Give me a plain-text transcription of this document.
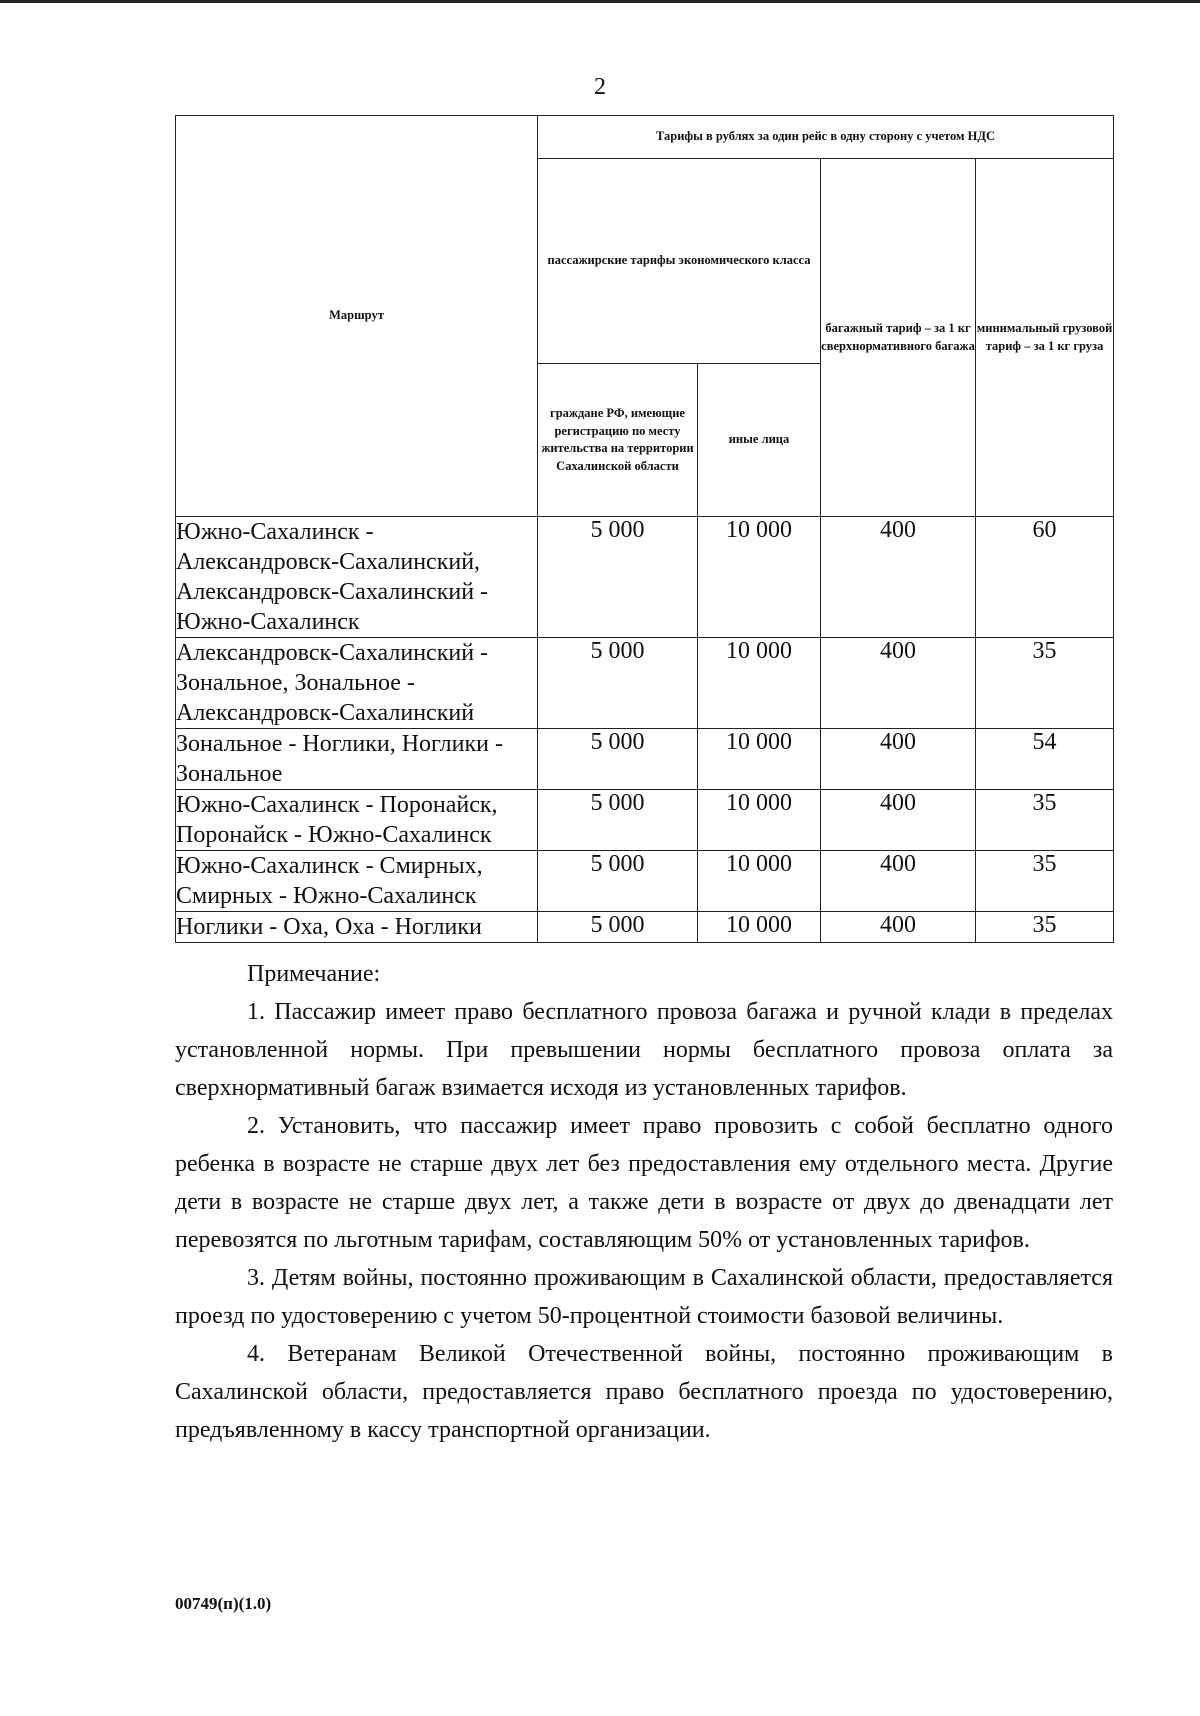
2
Маршрут	Тарифы в рублях за один рейс в одну сторону с учетом НДС			
	пассажирские тарифы экономического класса		багажный тариф – за 1 кг сверхнормативного багажа	минимальный грузовой тариф – за 1 кг груза
	граждане РФ, имеющие регистрацию по месту жительства на территории Сахалинской области	иные лица		
Южно-Сахалинск - Александровск-Сахалинский, Александровск-Сахалинский - Южно-Сахалинск	5 000	10 000	400	60
Александровск-Сахалинский - Зональное, Зональное - Александровск-Сахалинский	5 000	10 000	400	35
Зональное - Ноглики, Ноглики - Зональное	5 000	10 000	400	54
Южно-Сахалинск - Поронайск, Поронайск - Южно-Сахалинск	5 000	10 000	400	35
Южно-Сахалинск - Смирных, Смирных - Южно-Сахалинск	5 000	10 000	400	35
Ноглики - Оха, Оха - Ноглики	5 000	10 000	400	35

Примечание:

1. Пассажир имеет право бесплатного провоза багажа и ручной клади в пределах установленной нормы. При превышении нормы бесплатного провоза оплата за сверхнормативный багаж взимается исходя из установленных тарифов.

2. Установить, что пассажир имеет право провозить с собой бесплатно одного ребенка в возрасте не старше двух лет без предоставления ему отдельного места. Другие дети в возрасте не старше двух лет, а также дети в возрасте от двух до двенадцати лет перевозятся по льготным тарифам, составляющим 50% от установленных тарифов.

3. Детям войны, постоянно проживающим в Сахалинской области, предоставляется проезд по удостоверению с учетом 50-процентной стоимости базовой величины.

4. Ветеранам Великой Отечественной войны, постоянно проживающим в Сахалинской области, предоставляется право бесплатного проезда по удостоверению, предъявленному в кассу транспортной организации.

00749(п)(1.0)
